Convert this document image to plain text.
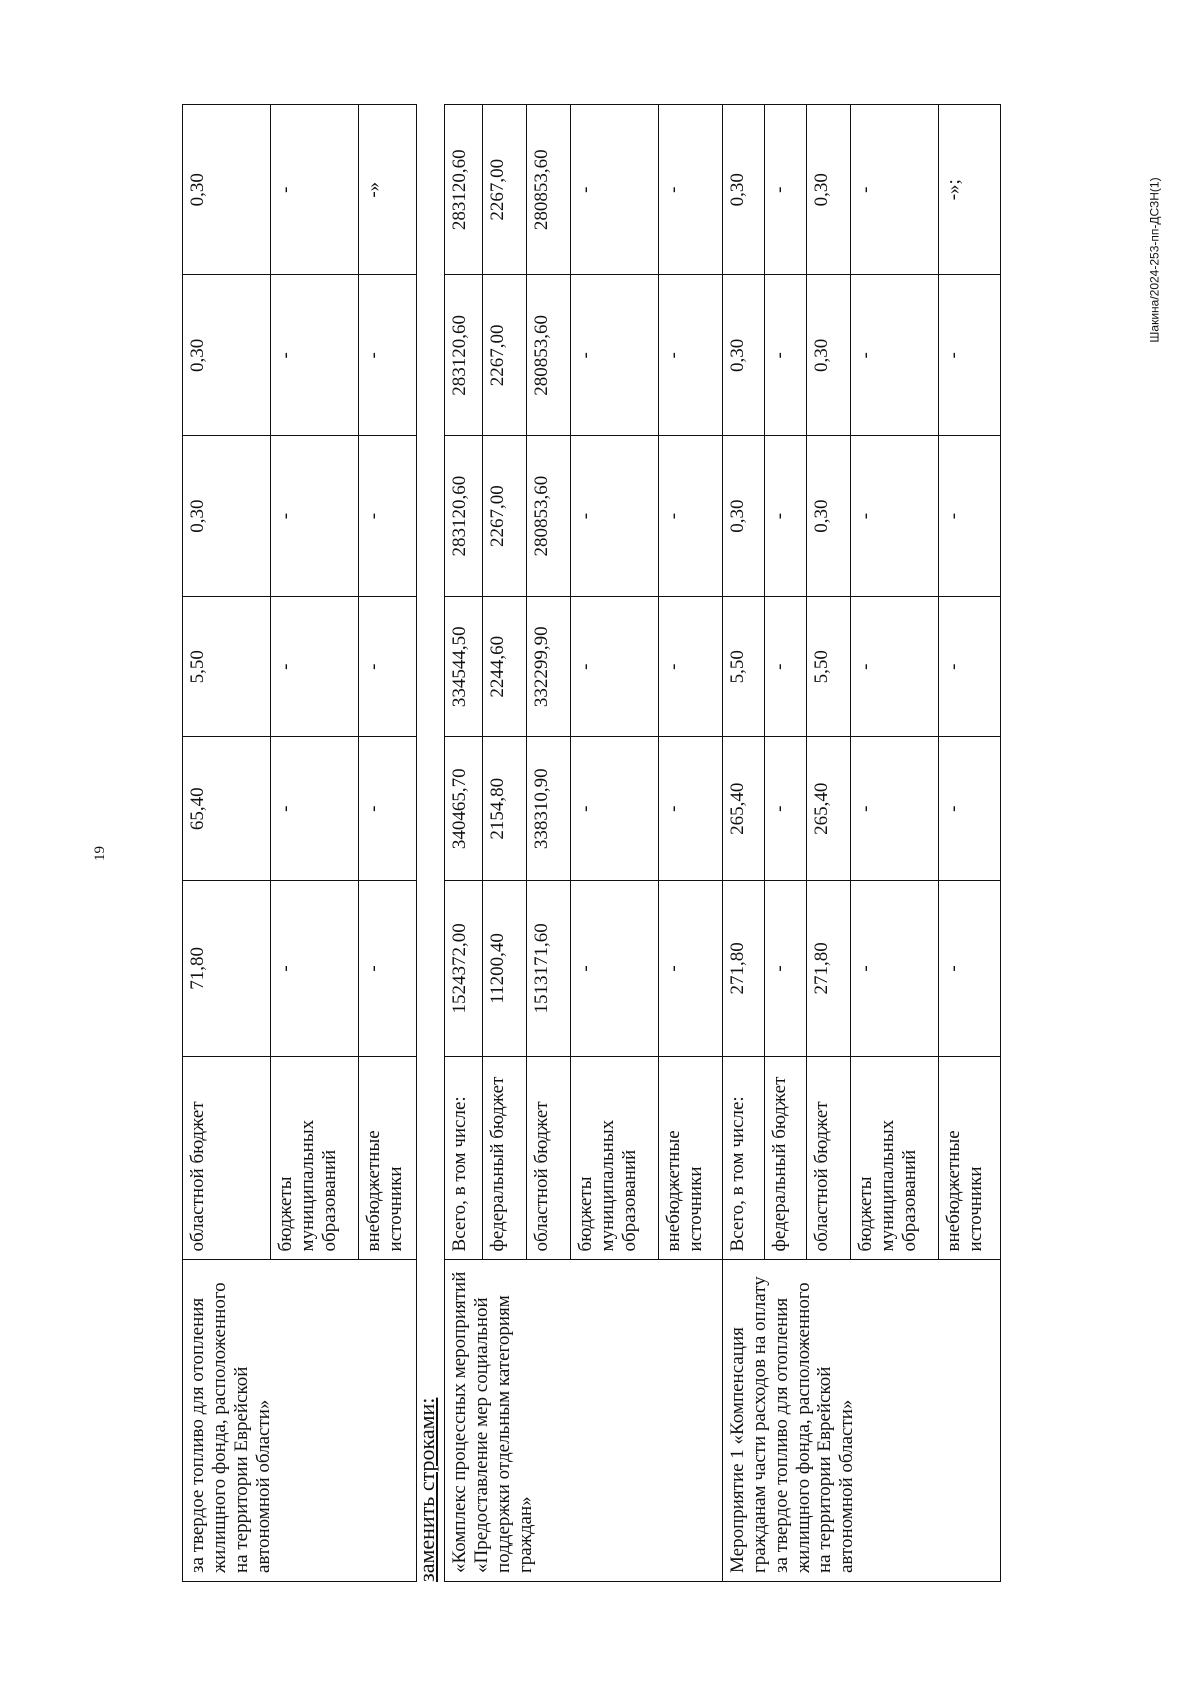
19
Шакина/2024-253-пп-ДСЗН(1)
за твердое топливо для отопления жилищного фонда, расположенного на территории Еврейской автономной области»	областной бюджет	71,80	65,40	5,50	0,30	0,30	0,30
	бюджеты муниципальных образований	-	-	-	-	-	-
	внебюджетные источники	-	-	-	-	-	-»
заменить строками: «Комплекс процессных мероприятий «Предоставление мер социальной поддержки отдельным категориям граждан»	Всего, в том числе:	1524372,00	340465,70	334544,50	283120,60	283120,60	283120,60
	федеральный бюджет	11200,40	2154,80	2244,60	2267,00	2267,00	2267,00
	областной бюджет	1513171,60	338310,90	332299,90	280853,60	280853,60	280853,60
	бюджеты муниципальных образований	-	-	-	-	-	-
	внебюджетные источники	-	-	-	-	-	-
Мероприятие 1 «Компенсация гражданам части расходов на оплату за твердое топливо для отопления жилищного фонда, расположенного на территории Еврейской автономной области»	Всего, в том числе:	271,80	265,40	5,50	0,30	0,30	0,30
	федеральный бюджет	-	-	-	-	-	-
	областной бюджет	271,80	265,40	5,50	0,30	0,30	0,30
	бюджеты муниципальных образований	-	-	-	-	-	-
	внебюджетные источники	-	-	-	-	-	-»;
